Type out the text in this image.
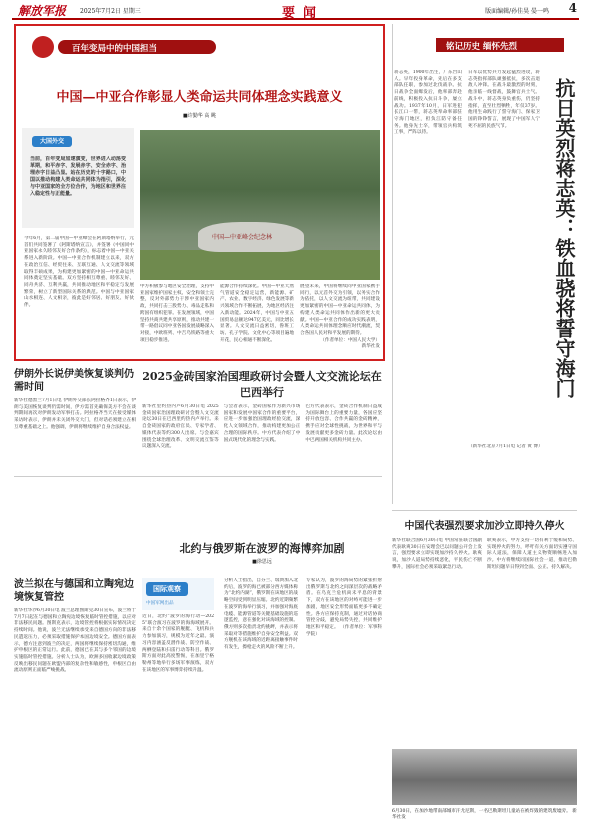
解放军报 2025年7月2日 星期三	要闻	版面编辑/孙佳昊 晏一鸣 4
百年变局中的中国担当
中国—中亚合作彰显人类命运共同体理念实践意义
■许勤华 高 眺
大国外交
当前，百年变局加速演变，世界进入动荡变革期，和平赤字、发展赤字、安全赤字、治理赤字日益凸显。站在历史的十字路口，中国以推动构建人类命运共同体为指引，深化与中亚国家的全方位合作，为地区和世界注入稳定性与正能量。
今年6月，第二届中国—中亚峰会在阿斯塔纳举行，元首们共同签署了《阿斯塔纳宣言》，并签署《中国同中亚国家永久睦邻友好合作条约》，标志着中国—中亚关系进入新阶段。中国—中亚合作机制建立以来，双方在政治互信、经贸往来、互联互通、人文交流等领域取得丰硕成果，为构建更加紧密的中国—中亚命运共同体奠定坚实基础。双方坚持相互尊重、睦邻友好、同舟共济、互利共赢，共同推动地区和平稳定与发展繁荣，树立了新型国际关系的典范。中国与中亚国家山水相连、人文相亲，彼此是好邻居、好朋友、好伙伴。
中国—中亚峰会纪念林
中方积极参与地区安全治理，支持中亚国家维护国家主权、安全和领土完整，反对外部势力干涉中亚国家内政，共同打击三股势力、毒品走私和跨国有组织犯罪。在发展领域，中国坚持共商共建共享原则，推动共建一带一路倡议同中亚各国发展战略深入对接，中欧班列、中吉乌铁路等重大项目稳步推进。
能源合作持续深化。中国—中亚天然气管道安全稳定运营，新能源、矿产、农业、数字经济、绿色发展等新兴领域合作不断拓展，为地区经济注入新动能。2024年，中国与中亚五国贸易总额达947亿美元，同比增长显著。人文交流日益密切，鲁班工坊、孔子学院、文化中心等项目遍地开花，民心相通不断深化。
展望未来，中国将继续同中亚国家携手同行，以元首外交为引领，以务实合作为依托，以人文交流为纽带，共同建设更加紧密的中国—中亚命运共同体，为构建人类命运共同体作出新的更大贡献。中国—中亚合作的成功实践表明，人类命运共同体理念顺应时代潮流，契合各国人民对和平发展的期待。
（作者单位：中国人民大学）
新华社发
伊朗外长说伊美恢复谈判仍需时间
新华社德黑兰7月1日电 伊朗外交部长阿拉格齐1日表示，伊朗与美国恢复谈判仍需时间，伊方需首先确保美方不会在谈判期间再次对伊朗发动军事打击。阿拉格齐当天在接受媒体采访时表示，伊朗并未关闭外交大门，但对话必须建立在相互尊重基础之上。他强调，伊朗将继续维护自身合法权益。
2025金砖国家治国理政研讨会暨人文交流论坛在巴西举行
新华社里约热内卢6月30日电 2025金砖国家治国理政研讨会暨人文交流论坛30日在巴西里约热内卢举行。来自金砖国家的政府官员、专家学者、媒体代表等约300人出席。与会嘉宾围绕全球治理改革、文明交流互鉴等议题深入交流。
与会者表示，金砖国家作为新兴市场国家和发展中国家合作的重要平台，应进一步加强治国理政经验交流，深化人文领域合作，推动构建更加公正合理的国际秩序。中方代表介绍了中国式现代化的理念与实践。
巴方代表表示，金砖合作机制日益成为国际舞台上的重要力量，各国应坚持开放包容、合作共赢的金砖精神，携手应对全球性挑战，为世界和平与发展贡献更多金砖力量。此次论坛由中巴两国相关机构共同主办。
波兰拟在与德国和立陶宛边境恢复管控
新华社华沙6月30日电 波兰总理图斯克30日宣布，波兰将于7月7日起在与德国和立陶宛边境恢复临时管控措施，以应对非法移民问题。图斯克表示，边境管控将根据实际情况决定持续时间。他说，波兰无法继续承受来自德国方向的非法移民遣返压力，必须采取措施保护本国边境安全。德国方面表示，德方注意到波兰的决定，两国将继续保持密切沟通，维护申根区的正常运行。此前，德国已在其与多个邻国的边境实施临时管控措施。分析人士认为，欧洲多国收紧边境政策反映出移民问题在欧盟内部的复杂性和敏感性，申根区自由流动原则正面临严峻挑战。
北约与俄罗斯在波罗的海博弈加剧
■徐思远
国际观察
中国军网出品
近日，北约“波罗的海行动—2025”联合演习在波罗的海海域展开。来自十余个国家的舰艇、飞机和兵力参加演习，规模为近年之最。演习内容涵盖反潜作战、防空作战、两栖登陆和扫雷行动等科目。俄罗斯方面对此高度警惕，在加里宁格勒州等地举行多场军事演练，双方在该地区的军事博弈持续升温。
分析人士指出，自芬兰、瑞典加入北约后，波罗的海已被部分西方媒体称为“北约内湖”，俄罗斯在该地区的战略空间受到明显压缩。北约近期频繁在波罗的海举行演习，并加强对海底电缆、能源管道等关键基础设施的巡逻监控，意在强化对该海域的控制。俄方则多次指责北约挑衅，并表示将采取对等措施维护自身安全利益。双方舰机在该海域的近距离接触事件时有发生，擦枪走火的风险不断上升。
专家认为，波罗的海局势的紧张折射出俄罗斯与北约之间深层次的战略矛盾。在乌克兰危机尚未平息的背景下，双方在该地区的对峙可能进一步加剧，地区安全形势面临更多不确定性。各方应保持克制，通过对话协商管控分歧，避免局势失控，共同维护地区和平稳定。 （作者单位：军事科学院）
铭记历史 缅怀先烈
抗日英烈蒋志英：铁血骁将誓守海门
蒋志英，1900年出生，广东台山人。早年投身革命，先后在多支部队任职，参加过北伐战争。抗日战争全面爆发后，他率部奔赴前线，积极投入抗日斗争，屡立战功。1937年10月，日军进犯长江口一带，蒋志英奉命率部驻守海门地区，担负江防守备任务。他身先士卒，带领官兵构筑工事，严阵以待。
日军以优势兵力发起猛烈进攻，蒋志英指挥部队顽强抵抗，多次击退敌人冲锋。在战斗最激烈的时刻，他亲临一线督战，鼓舞官兵士气。战斗中，蒋志英身负重伤，仍坚持指挥，直至壮烈牺牲，年仅37岁。他用生命践行了誓守海门、保家卫国的铮铮誓言，展现了中国军人宁死不屈的民族气节。
（新华社北京7月1日电 记者 黄 博）
中国代表强烈要求加沙立即持久停火
新华社联合国6月30日电 中国常驻联合国副代表耿爽30日在安理会巴以问题公开会上发言，强烈要求立即实现加沙持久停火。耿爽说，加沙人道局势持续恶化，平民伤亡不断攀升，国际社会必须采取紧急行动。
耿爽表示，中方支持一切有利于缓和局势、实现停火的努力，呼吁有关方面切实遵守国际人道法，保障人道主义物资顺畅进入加沙。中方将继续同国际社会一道，推动巴勒斯坦问题早日得到全面、公正、持久解决。
6月30日，在加沙地带南部城市汗尤尼斯，一名巴勒斯坦儿童站在被炸毁的建筑废墟旁。 新华社发
